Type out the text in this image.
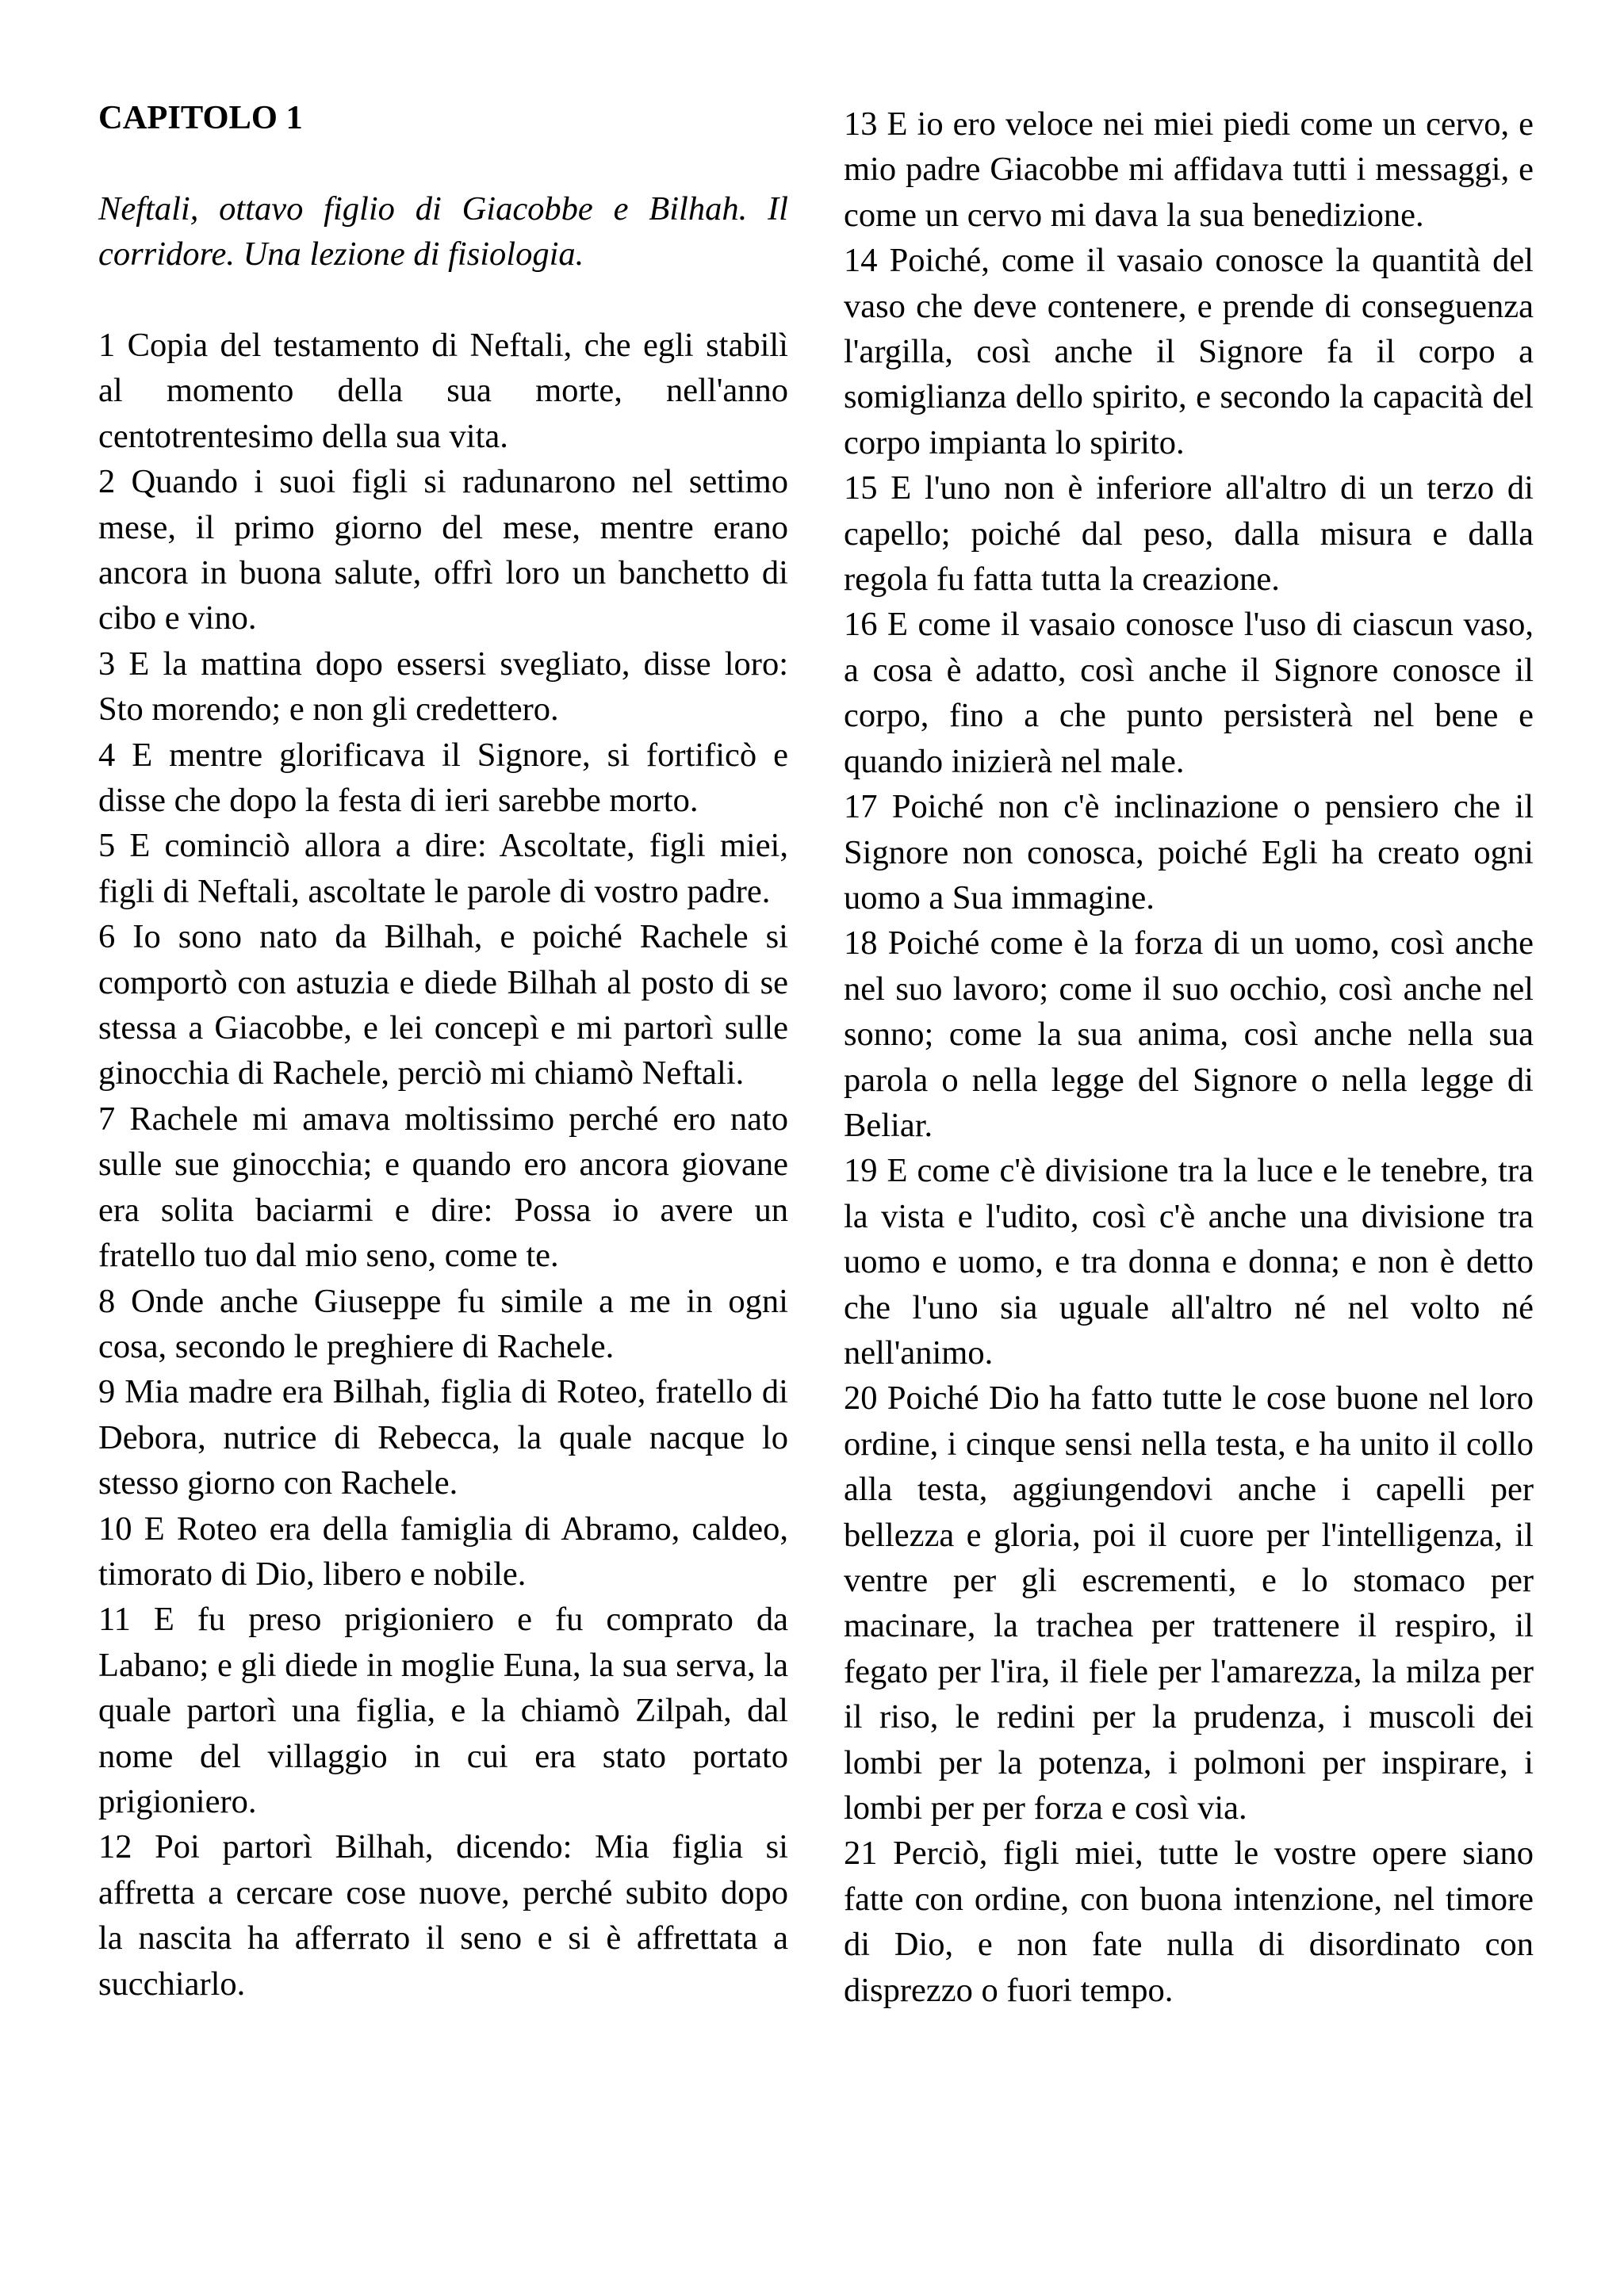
CAPITOLO 1

Neftali, ottavo figlio di Giacobbe e Bilhah. Il corridore. Una lezione di fisiologia.

1 Copia del testamento di Neftali, che egli stabilì al momento della sua morte, nell'anno centotrentesimo della sua vita.

2 Quando i suoi figli si radunarono nel settimo mese, il primo giorno del mese, mentre erano ancora in buona salute, offrì loro un banchetto di cibo e vino.

3 E la mattina dopo essersi svegliato, disse loro: Sto morendo; e non gli credettero.

4 E mentre glorificava il Signore, si fortificò e disse che dopo la festa di ieri sarebbe morto.

5 E cominciò allora a dire: Ascoltate, figli miei, figli di Neftali, ascoltate le parole di vostro padre.

6 Io sono nato da Bilhah, e poiché Rachele si comportò con astuzia e diede Bilhah al posto di se stessa a Giacobbe, e lei concepì e mi partorì sulle ginocchia di Rachele, perciò mi chiamò Neftali.

7 Rachele mi amava moltissimo perché ero nato sulle sue ginocchia; e quando ero ancora giovane era solita baciarmi e dire: Possa io avere un fratello tuo dal mio seno, come te.

8 Onde anche Giuseppe fu simile a me in ogni cosa, secondo le preghiere di Rachele.

9 Mia madre era Bilhah, figlia di Roteo, fratello di Debora, nutrice di Rebecca, la quale nacque lo stesso giorno con Rachele.

10 E Roteo era della famiglia di Abramo, caldeo, timorato di Dio, libero e nobile.

11 E fu preso prigioniero e fu comprato da Labano; e gli diede in moglie Euna, la sua serva, la quale partorì una figlia, e la chiamò Zilpah, dal nome del villaggio in cui era stato portato prigioniero.

12 Poi partorì Bilhah, dicendo: Mia figlia si affretta a cercare cose nuove, perché subito dopo la nascita ha afferrato il seno e si è affrettata a succhiarlo.

13 E io ero veloce nei miei piedi come un cervo, e mio padre Giacobbe mi affidava tutti i messaggi, e come un cervo mi dava la sua benedizione.

14 Poiché, come il vasaio conosce la quantità del vaso che deve contenere, e prende di conseguenza l'argilla, così anche il Signore fa il corpo a somiglianza dello spirito, e secondo la capacità del corpo impianta lo spirito.

15 E l'uno non è inferiore all'altro di un terzo di capello; poiché dal peso, dalla misura e dalla regola fu fatta tutta la creazione.

16 E come il vasaio conosce l'uso di ciascun vaso, a cosa è adatto, così anche il Signore conosce il corpo, fino a che punto persisterà nel bene e quando inizierà nel male.

17 Poiché non c'è inclinazione o pensiero che il Signore non conosca, poiché Egli ha creato ogni uomo a Sua immagine.

18 Poiché come è la forza di un uomo, così anche nel suo lavoro; come il suo occhio, così anche nel sonno; come la sua anima, così anche nella sua parola o nella legge del Signore o nella legge di Beliar.

19 E come c'è divisione tra la luce e le tenebre, tra la vista e l'udito, così c'è anche una divisione tra uomo e uomo, e tra donna e donna; e non è detto che l'uno sia uguale all'altro né nel volto né nell'animo.

20 Poiché Dio ha fatto tutte le cose buone nel loro ordine, i cinque sensi nella testa, e ha unito il collo alla testa, aggiungendovi anche i capelli per bellezza e gloria, poi il cuore per l'intelligenza, il ventre per gli escrementi, e lo stomaco per macinare, la trachea per trattenere il respiro, il fegato per l'ira, il fiele per l'amarezza, la milza per il riso, le redini per la prudenza, i muscoli dei lombi per la potenza, i polmoni per inspirare, i lombi per per forza e così via.

21 Perciò, figli miei, tutte le vostre opere siano fatte con ordine, con buona intenzione, nel timore di Dio, e non fate nulla di disordinato con disprezzo o fuori tempo.
